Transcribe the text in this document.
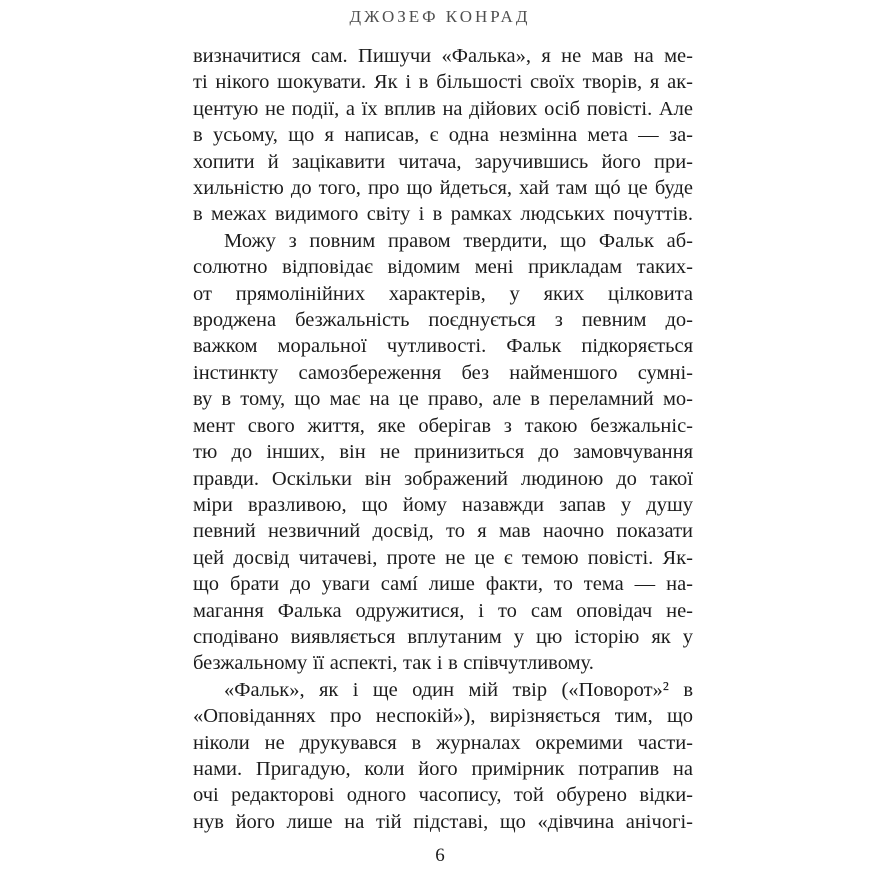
ДЖОЗЕФ КОНРАД
визначитися сам. Пишучи «Фалька», я не мав на ме-
ті нікого шокувати. Як і в більшості своїх творів, я ак-
центую не події, а їх вплив на дійових осіб повісті. Але
в усьому, що я написав, є одна незмінна мета — за-
хопити й зацікавити читача, заручившись його при-
хильністю до того, про що йдеться, хай там щó це буде
в межах видимого світу і в рамках людських почуттів.
Можу з повним правом твердити, що Фальк аб-
солютно відповідає відомим мені прикладам таких-
от прямолінійних характерів, у яких цілковита
вроджена безжальність поєднується з певним до-
важком моральної чутливості. Фальк підкоряється
інстинкту самозбереження без найменшого сумні-
ву в тому, що має на це право, але в переламний мо-
мент свого життя, яке оберігав з такою безжальніс-
тю до інших, він не принизиться до замовчування
правди. Оскільки він зображений людиною до такої
міри вразливою, що йому назавжди запав у душу
певний незвичний досвід, то я мав наочно показати
цей досвід читачеві, проте не це є темою повісті. Як-
що брати до уваги самí лише факти, то тема — на-
магання Фалька одружитися, і то сам оповідач не-
сподівано виявляється вплутаним у цю історію як у
безжальному її аспекті, так і в співчутливому.
«Фальк», як і ще один мій твір («Поворот»² в
«Оповіданнях про неспокій»), вирізняється тим, що
ніколи не друкувався в журналах окремими части-
нами. Пригадую, коли його примірник потрапив на
очі редакторові одного часопису, той обурено відки-
нув його лише на тій підставі, що «дівчина анічогі-
6
